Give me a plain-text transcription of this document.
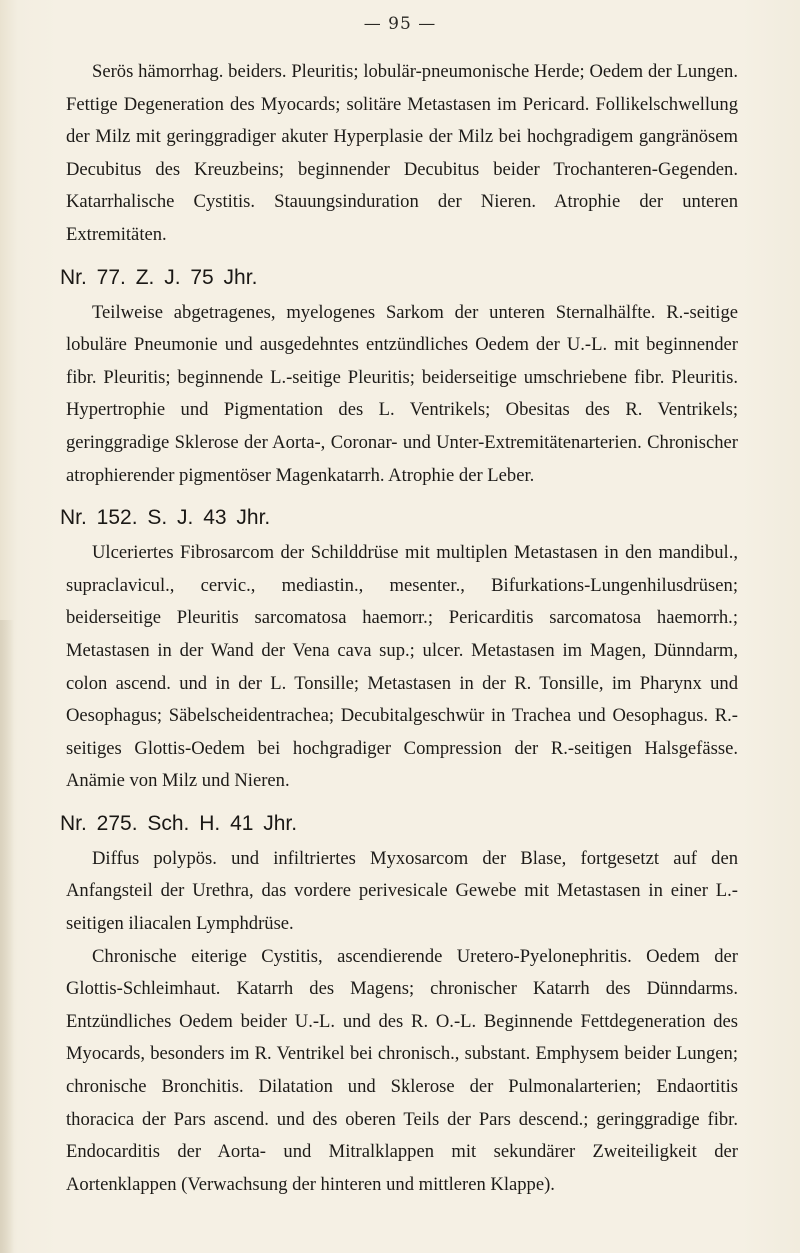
— 95 —

Serös hämorrhag. beiders. Pleuritis; lobulär-pneumonische Herde; Oedem der Lungen. Fettige Degeneration des Myocards; solitäre Metastasen im Pericard. Follikelschwellung der Milz mit geringgradiger akuter Hyperplasie der Milz bei hochgradigem gangränösem Decubitus des Kreuzbeins; beginnender Decubitus beider Trochanteren-Gegenden. Katarrhalische Cystitis. Stauungsinduration der Nieren. Atrophie der unteren Extremitäten.

Nr. 77. Z. J. 75 Jhr.

Teilweise abgetragenes, myelogenes Sarkom der unteren Sternalhälfte. R.-seitige lobuläre Pneumonie und ausgedehntes entzündliches Oedem der U.-L. mit beginnender fibr. Pleuritis; beginnende L.-seitige Pleuritis; beiderseitige umschriebene fibr. Pleuritis. Hypertrophie und Pigmentation des L. Ventrikels; Obesitas des R. Ventrikels; geringgradige Sklerose der Aorta-, Coronar- und Unter-Extremitätenarterien. Chronischer atrophierender pigmentöser Magenkatarrh. Atrophie der Leber.

Nr. 152. S. J. 43 Jhr.

Ulceriertes Fibrosarcom der Schilddrüse mit multiplen Metastasen in den mandibul., supraclavicul., cervic., mediastin., mesenter., Bifurkations-Lungenhilusdrüsen; beiderseitige Pleuritis sarcomatosa haemorr.; Pericarditis sarcomatosa haemorrh.; Metastasen in der Wand der Vena cava sup.; ulcer. Metastasen im Magen, Dünndarm, colon ascend. und in der L. Tonsille; Metastasen in der R. Tonsille, im Pharynx und Oesophagus; Säbelscheidentrachea; Decubitalgeschwür in Trachea und Oesophagus. R.-seitiges Glottis-Oedem bei hochgradiger Compression der R.-seitigen Halsgefässe. Anämie von Milz und Nieren.

Nr. 275. Sch. H. 41 Jhr.

Diffus polypös. und infiltriertes Myxosarcom der Blase, fortgesetzt auf den Anfangsteil der Urethra, das vordere perivesicale Gewebe mit Metastasen in einer L.-seitigen iliacalen Lymphdrüse.

Chronische eiterige Cystitis, ascendierende Uretero-Pyelonephritis. Oedem der Glottis-Schleimhaut. Katarrh des Magens; chronischer Katarrh des Dünndarms. Entzündliches Oedem beider U.-L. und des R. O.-L. Beginnende Fettdegeneration des Myocards, besonders im R. Ventrikel bei chronisch., substant. Emphysem beider Lungen; chronische Bronchitis. Dilatation und Sklerose der Pulmonalarterien; Endaortitis thoracica der Pars ascend. und des oberen Teils der Pars descend.; geringgradige fibr. Endocarditis der Aorta- und Mitralklappen mit sekundärer Zweiteiligkeit der Aortenklappen (Verwachsung der hinteren und mittleren Klappe).
